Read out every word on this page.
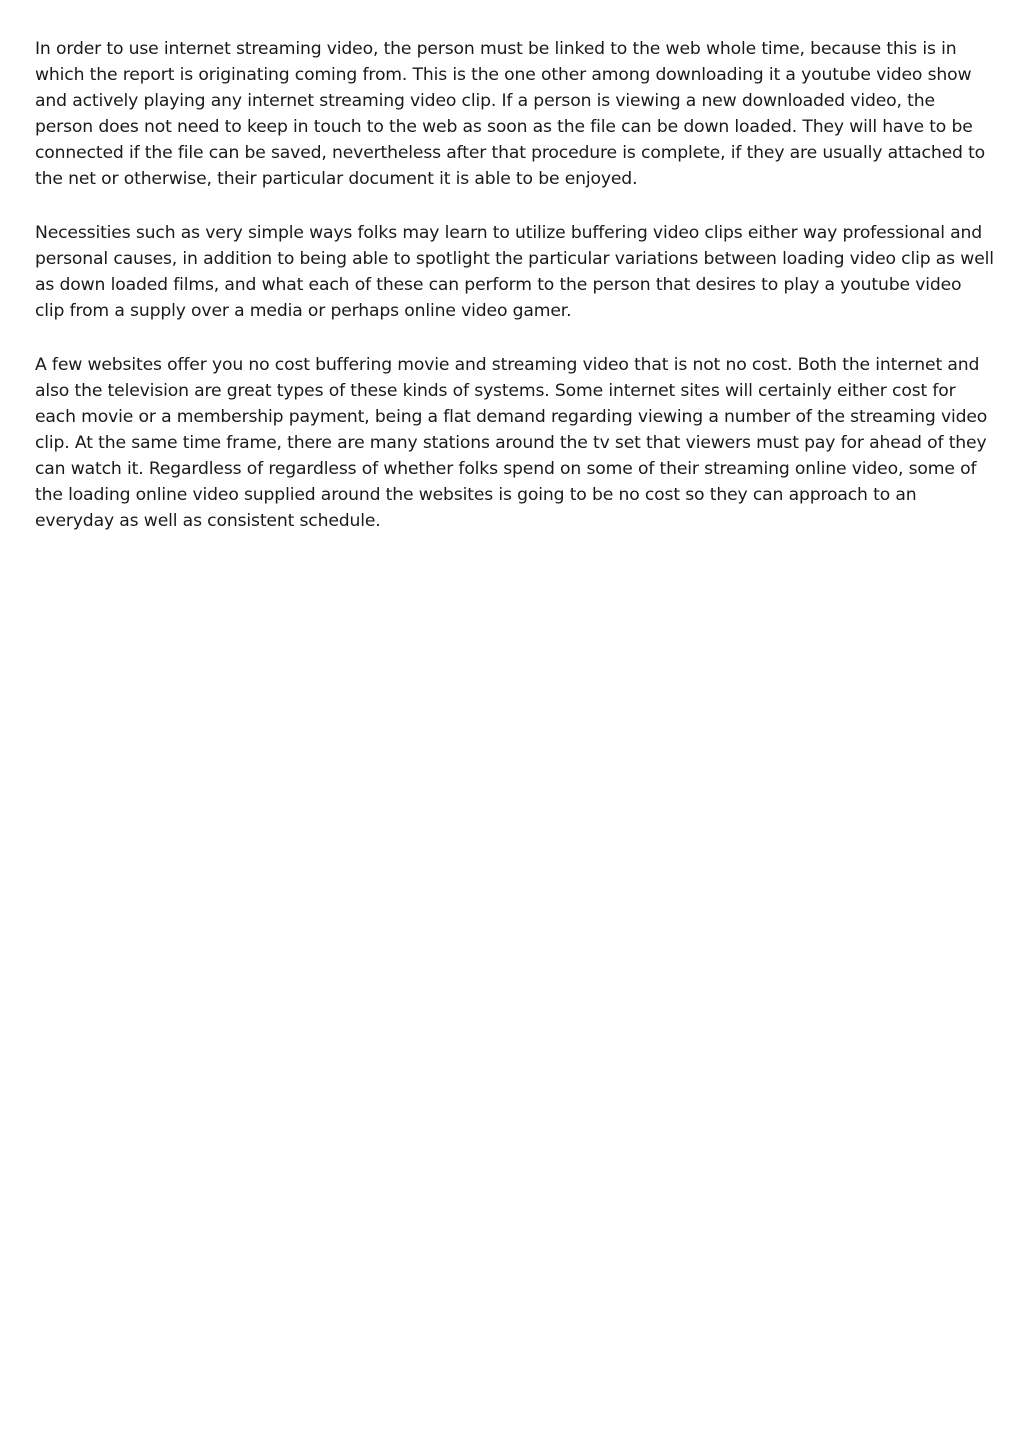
In order to use internet streaming video, the person must be linked to the web whole time, because this is in which the report is originating coming from. This is the one other among downloading it a youtube video show and actively playing any internet streaming video clip. If a person is viewing a new downloaded video, the person does not need to keep in touch to the web as soon as the file can be down loaded. They will have to be connected if the file can be saved, nevertheless after that procedure is complete, if they are usually attached to the net or otherwise, their particular document it is able to be enjoyed.

Necessities such as very simple ways folks may learn to utilize buffering video clips either way professional and personal causes, in addition to being able to spotlight the particular variations between loading video clip as well as down loaded films, and what each of these can perform to the person that desires to play a youtube video clip from a supply over a media or perhaps online video gamer.

A few websites offer you no cost buffering movie and streaming video that is not no cost. Both the internet and also the television are great types of these kinds of systems. Some internet sites will certainly either cost for each movie or a membership payment, being a flat demand regarding viewing a number of the streaming video clip. At the same time frame, there are many stations around the tv set that viewers must pay for ahead of they can watch it. Regardless of regardless of whether folks spend on some of their streaming online video, some of the loading online video supplied around the websites is going to be no cost so they can approach to an everyday as well as consistent schedule.
